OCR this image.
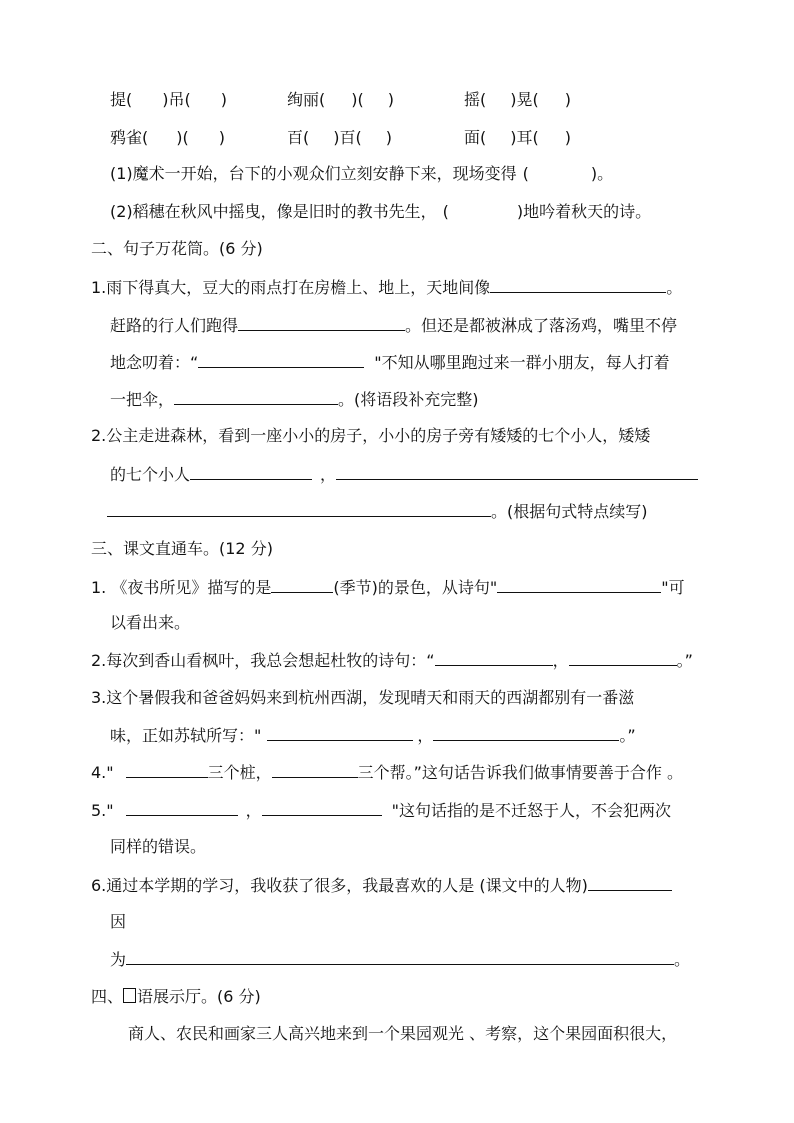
提( )吊( )	绚丽( )( )	摇( )晃( )
鸦雀( )( )	百( )百( )	面( )耳( )
(1)魔术一开始，台下的小观众们立刻安静下来，现场变得 (	)。
(2)稻穗在秋风中摇曳，像是旧时的教书先生， (	)地吟着秋天的诗。
二、句子万花筒。(6 分)
1.雨下得真大，豆大的雨点打在房檐上、地上，天地间像	。
赶路的行人们跑得	。但还是都被淋成了落汤鸡，嘴里不停
地念叨着：“	"不知从哪里跑过来一群小朋友，每人打着
一把伞，	。(将语段补充完整)
2.公主走进森林，看到一座小小的房子，小小的房子旁有矮矮的七个小人，矮矮
的七个小人	，
。(根据句式特点续写)
三、课文直通车。(12 分)
1. 《夜书所见》描写的是	(季节)的景色，从诗句"	"可
以看出来。
2.每次到香山看枫叶，我总会想起杜牧的诗句：“	，	。”
3.这个暑假我和爸爸妈妈来到杭州西湖，发现晴天和雨天的西湖都别有一番滋
味，正如苏轼所写："	，	。”
4."	三个桩，	三个帮。”这句话告诉我们做事情要善于合作 。
5."	，	"这句话指的是不迁怒于人，不会犯两次
同样的错误。
6.通过本学期的学习，我收获了很多，我最喜欢的人是 (课文中的人物)
因
为	。
四、 语展示厅。(6 分)
商人、农民和画家三人高兴地来到一个果园观光 、考察，这个果园面积很大，
